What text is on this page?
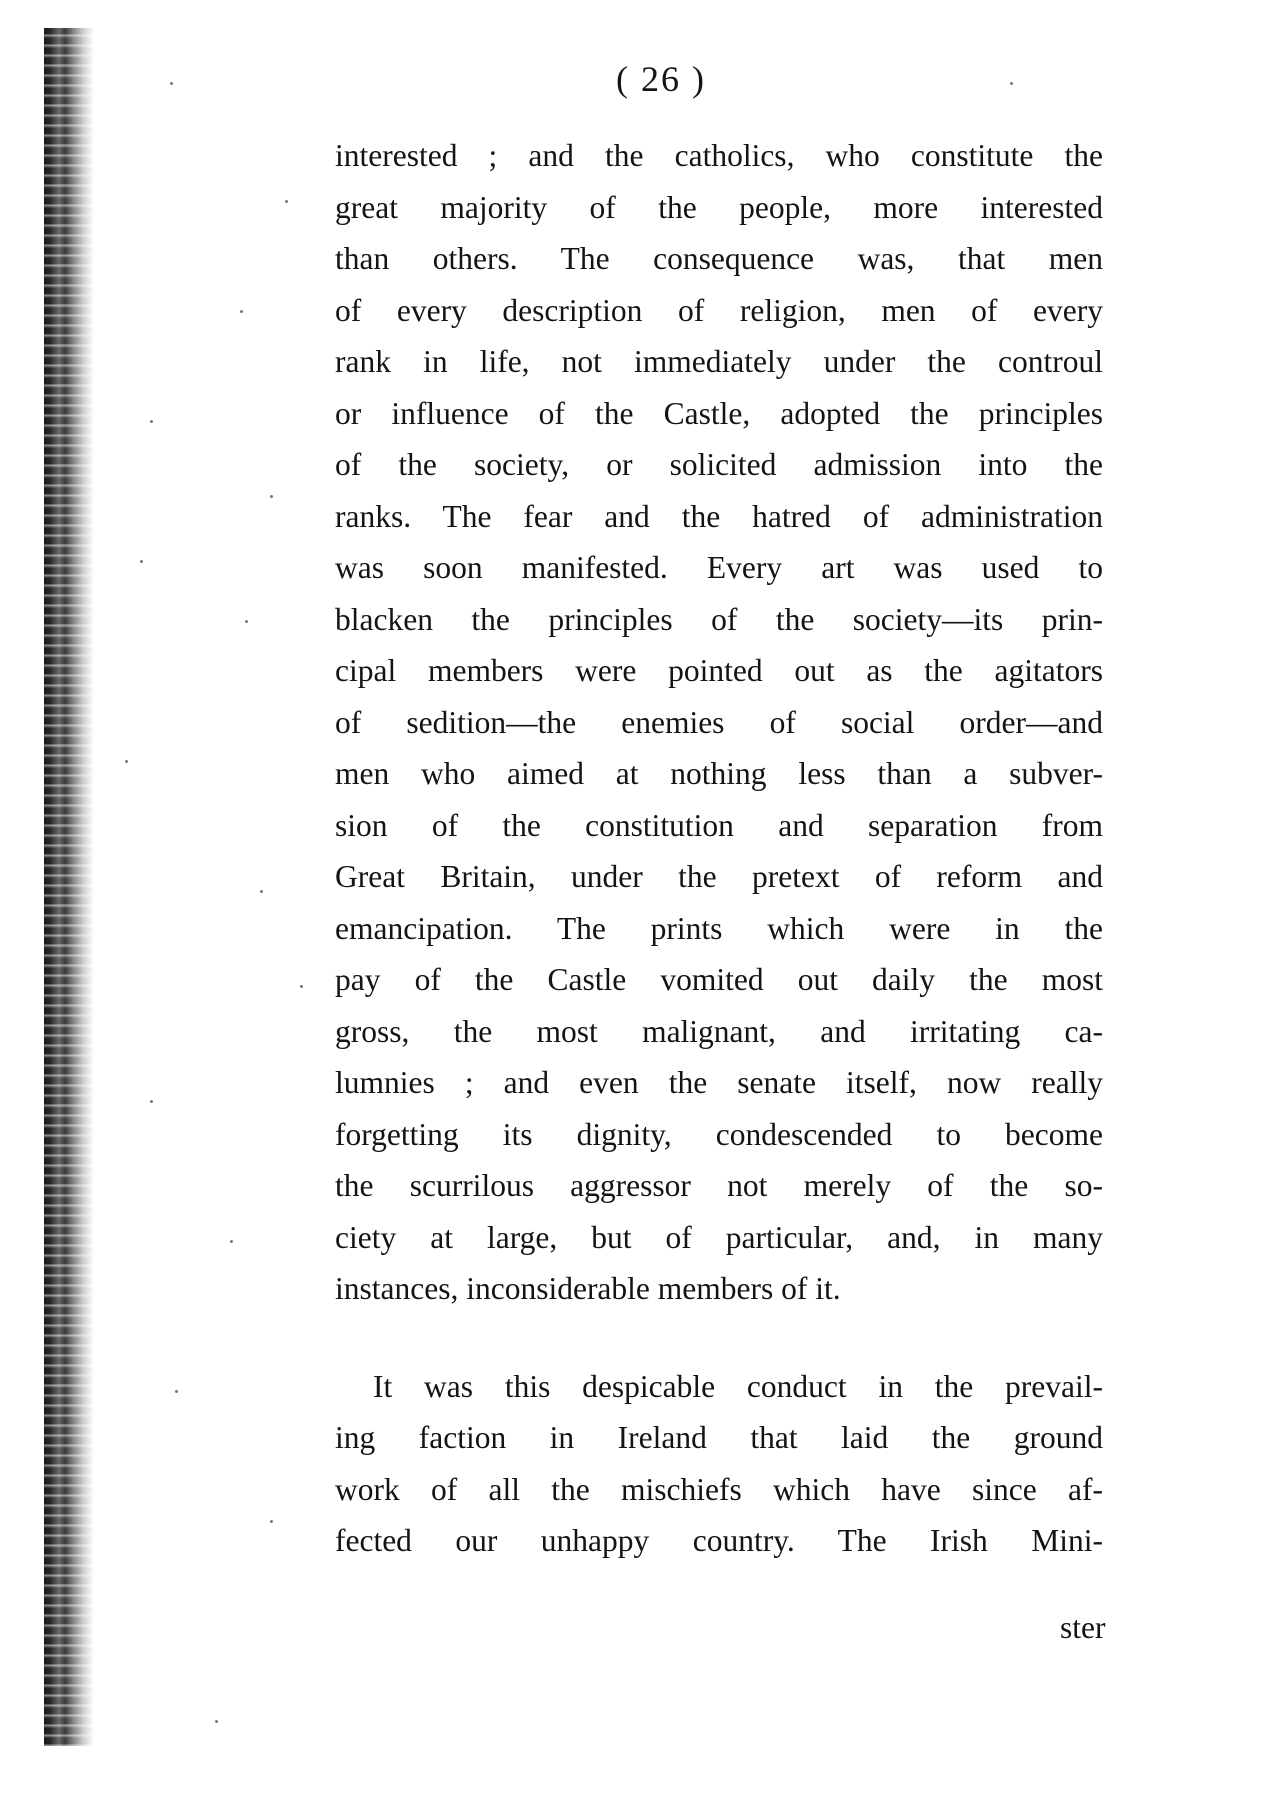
( 26 )
interested ; and the catholics, who constitute the
great majority of the people, more interested
than others. The consequence was, that men
of every description of religion, men of every
rank in life, not immediately under the controul
or influence of the Castle, adopted the principles
of the society, or solicited admission into the
ranks. The fear and the hatred of administration
was soon manifested. Every art was used to
blacken the principles of the society—its prin-
cipal members were pointed out as the agitators
of sedition—the enemies of social order—and
men who aimed at nothing less than a subver-
sion of the constitution and separation from
Great Britain, under the pretext of reform and
emancipation. The prints which were in the
pay of the Castle vomited out daily the most
gross, the most malignant, and irritating ca-
lumnies ; and even the senate itself, now really
forgetting its dignity, condescended to become
the scurrilous aggressor not merely of the so-
ciety at large, but of particular, and, in many
instances, inconsiderable members of it.
It was this despicable conduct in the prevail-
ing faction in Ireland that laid the ground
work of all the mischiefs which have since af-
fected our unhappy country. The Irish Mini-
ster
